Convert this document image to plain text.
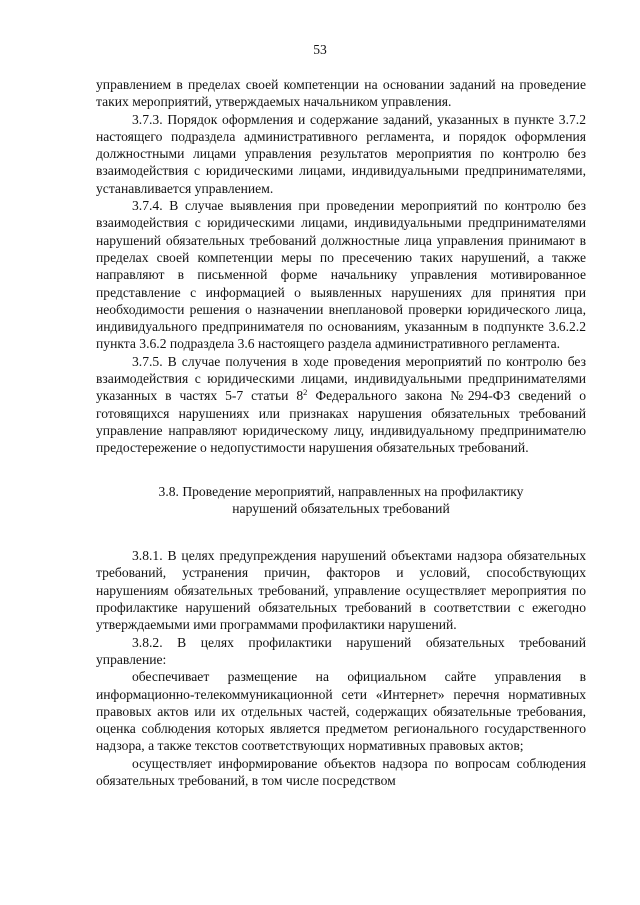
53

управлением в пределах своей компетенции на основании заданий на проведение таких мероприятий, утверждаемых начальником управления.

3.7.3. Порядок оформления и содержание заданий, указанных в пункте 3.7.2 настоящего подраздела административного регламента, и порядок оформления должностными лицами управления результатов мероприятия по контролю без взаимодействия с юридическими лицами, индивидуальными предпринимателями, устанавливается управлением.

3.7.4. В случае выявления при проведении мероприятий по контролю без взаимодействия с юридическими лицами, индивидуальными предпринимателями нарушений обязательных требований должностные лица управления принимают в пределах своей компетенции меры по пресечению таких нарушений, а также направляют в письменной форме начальнику управления мотивированное представление с информацией о выявленных нарушениях для принятия при необходимости решения о назначении внеплановой проверки юридического лица, индивидуального предпринимателя по основаниям, указанным в подпункте 3.6.2.2 пункта 3.6.2 подраздела 3.6 настоящего раздела административного регламента.

3.7.5. В случае получения в ходе проведения мероприятий по контролю без взаимодействия с юридическими лицами, индивидуальными предпринимателями указанных в частях 5-7 статьи $8^2$ Федерального закона №294-ФЗ сведений о готовящихся нарушениях или признаках нарушения обязательных требований управление направляют юридическому лицу, индивидуальному предпринимателю предостережение о недопустимости нарушения обязательных требований.

3.8. Проведение мероприятий, направленных на профилактику
нарушений обязательных требований

3.8.1. В целях предупреждения нарушений объектами надзора обязательных требований, устранения причин, факторов и условий, способствующих нарушениям обязательных требований, управление осуществляет мероприятия по профилактике нарушений обязательных требований в соответствии с ежегодно утверждаемыми ими программами профилактики нарушений.

3.8.2. В целях профилактики нарушений обязательных требований управление:

обеспечивает размещение на официальном сайте управления в информационно-телекоммуникационной сети «Интернет» перечня нормативных правовых актов или их отдельных частей, содержащих обязательные требования, оценка соблюдения которых является предметом регионального государственного надзора, а также текстов соответствующих нормативных правовых актов;

осуществляет информирование объектов надзора по вопросам соблюдения обязательных требований, в том числе посредством
